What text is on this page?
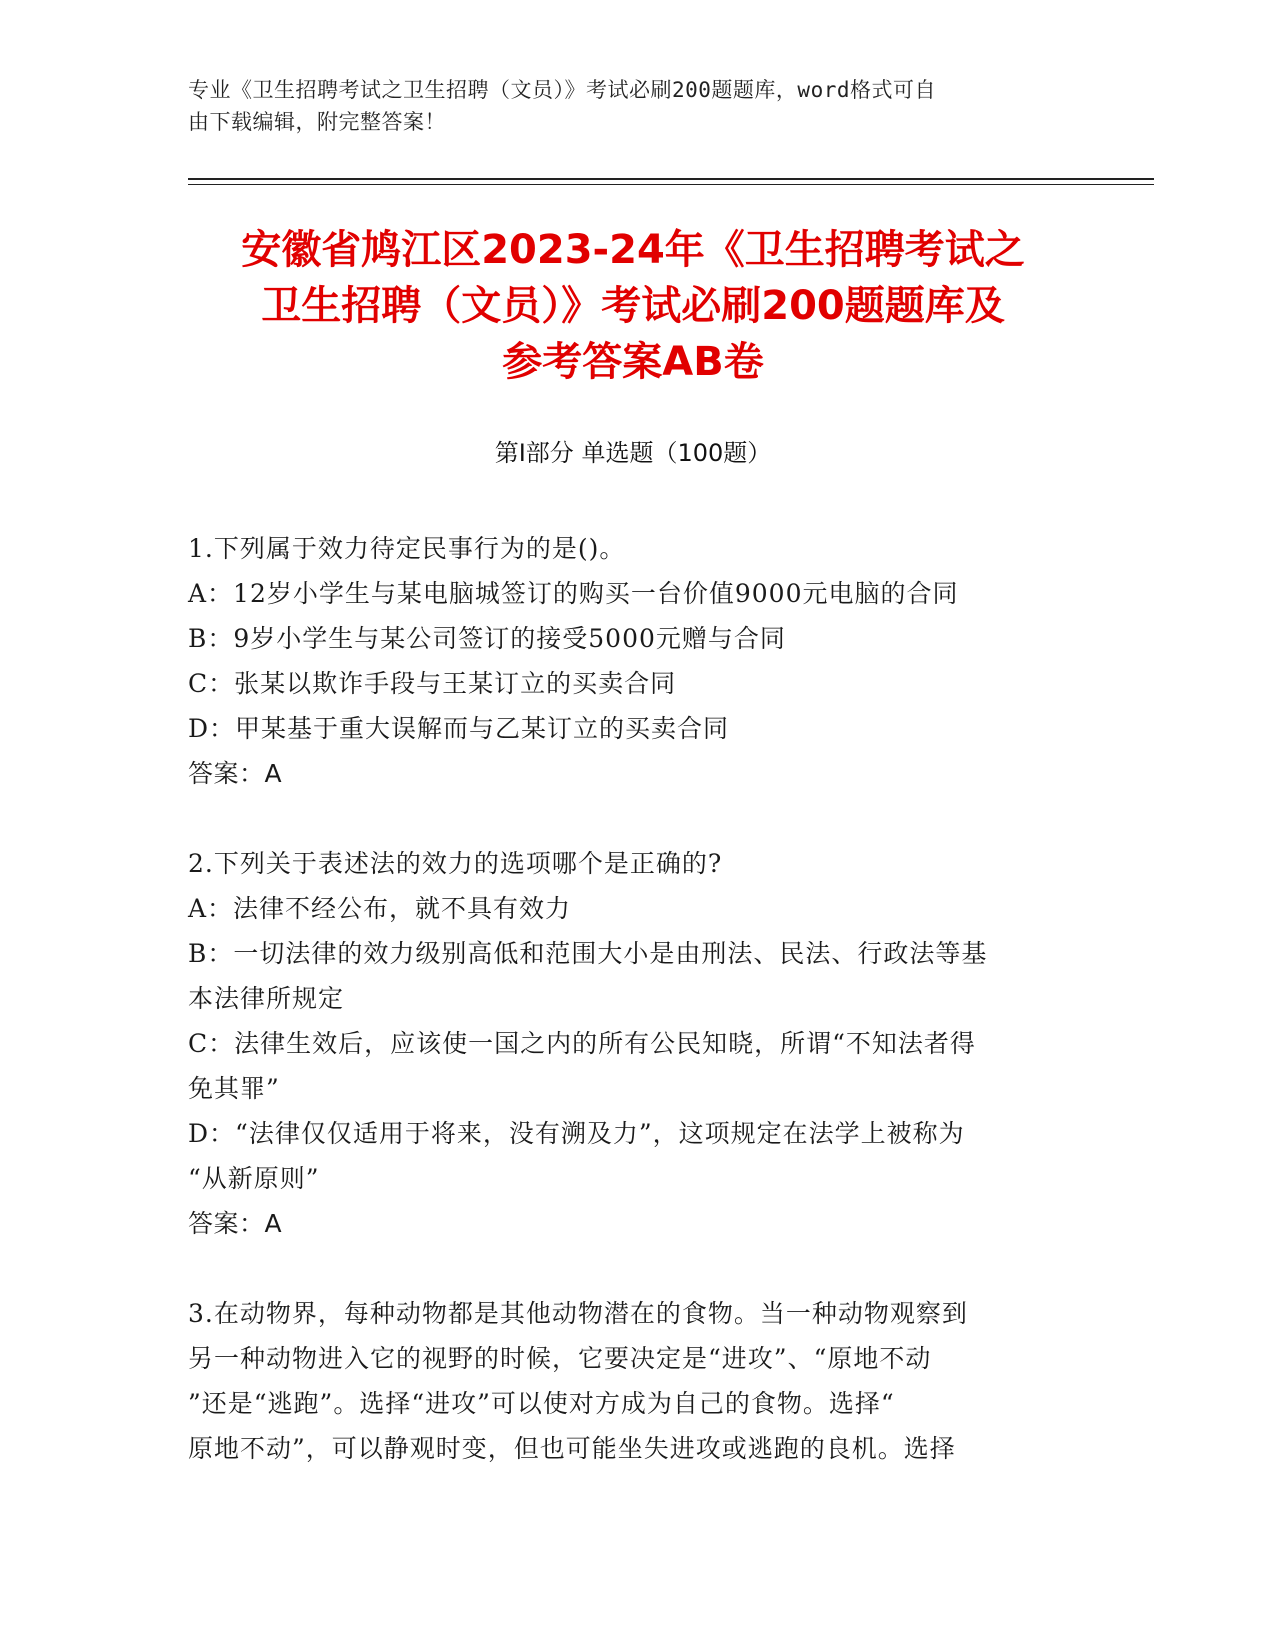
专业《卫生招聘考试之卫生招聘（文员）》考试必刷200题题库，word格式可自
由下载编辑，附完整答案！
安徽省鸠江区2023-24年《卫生招聘考试之
卫生招聘（文员）》考试必刷200题题库及
参考答案AB卷
第Ⅰ部分 单选题（100题）
1.下列属于效力待定民事行为的是()。
A：12岁小学生与某电脑城签订的购买一台价值9000元电脑的合同
B：9岁小学生与某公司签订的接受5000元赠与合同
C：张某以欺诈手段与王某订立的买卖合同
D：甲某基于重大误解而与乙某订立的买卖合同
答案：A
2.下列关于表述法的效力的选项哪个是正确的?
A：法律不经公布，就不具有效力
B：一切法律的效力级别高低和范围大小是由刑法、民法、行政法等基
本法律所规定
C：法律生效后，应该使一国之内的所有公民知晓，所谓“不知法者得
免其罪”
D：“法律仅仅适用于将来，没有溯及力”，这项规定在法学上被称为
“从新原则”
答案：A
3.在动物界，每种动物都是其他动物潜在的食物。当一种动物观察到
另一种动物进入它的视野的时候，它要决定是“进攻”、“原地不动
”还是“逃跑”。选择“进攻”可以使对方成为自己的食物。选择“
原地不动”，可以静观时变，但也可能坐失进攻或逃跑的良机。选择
